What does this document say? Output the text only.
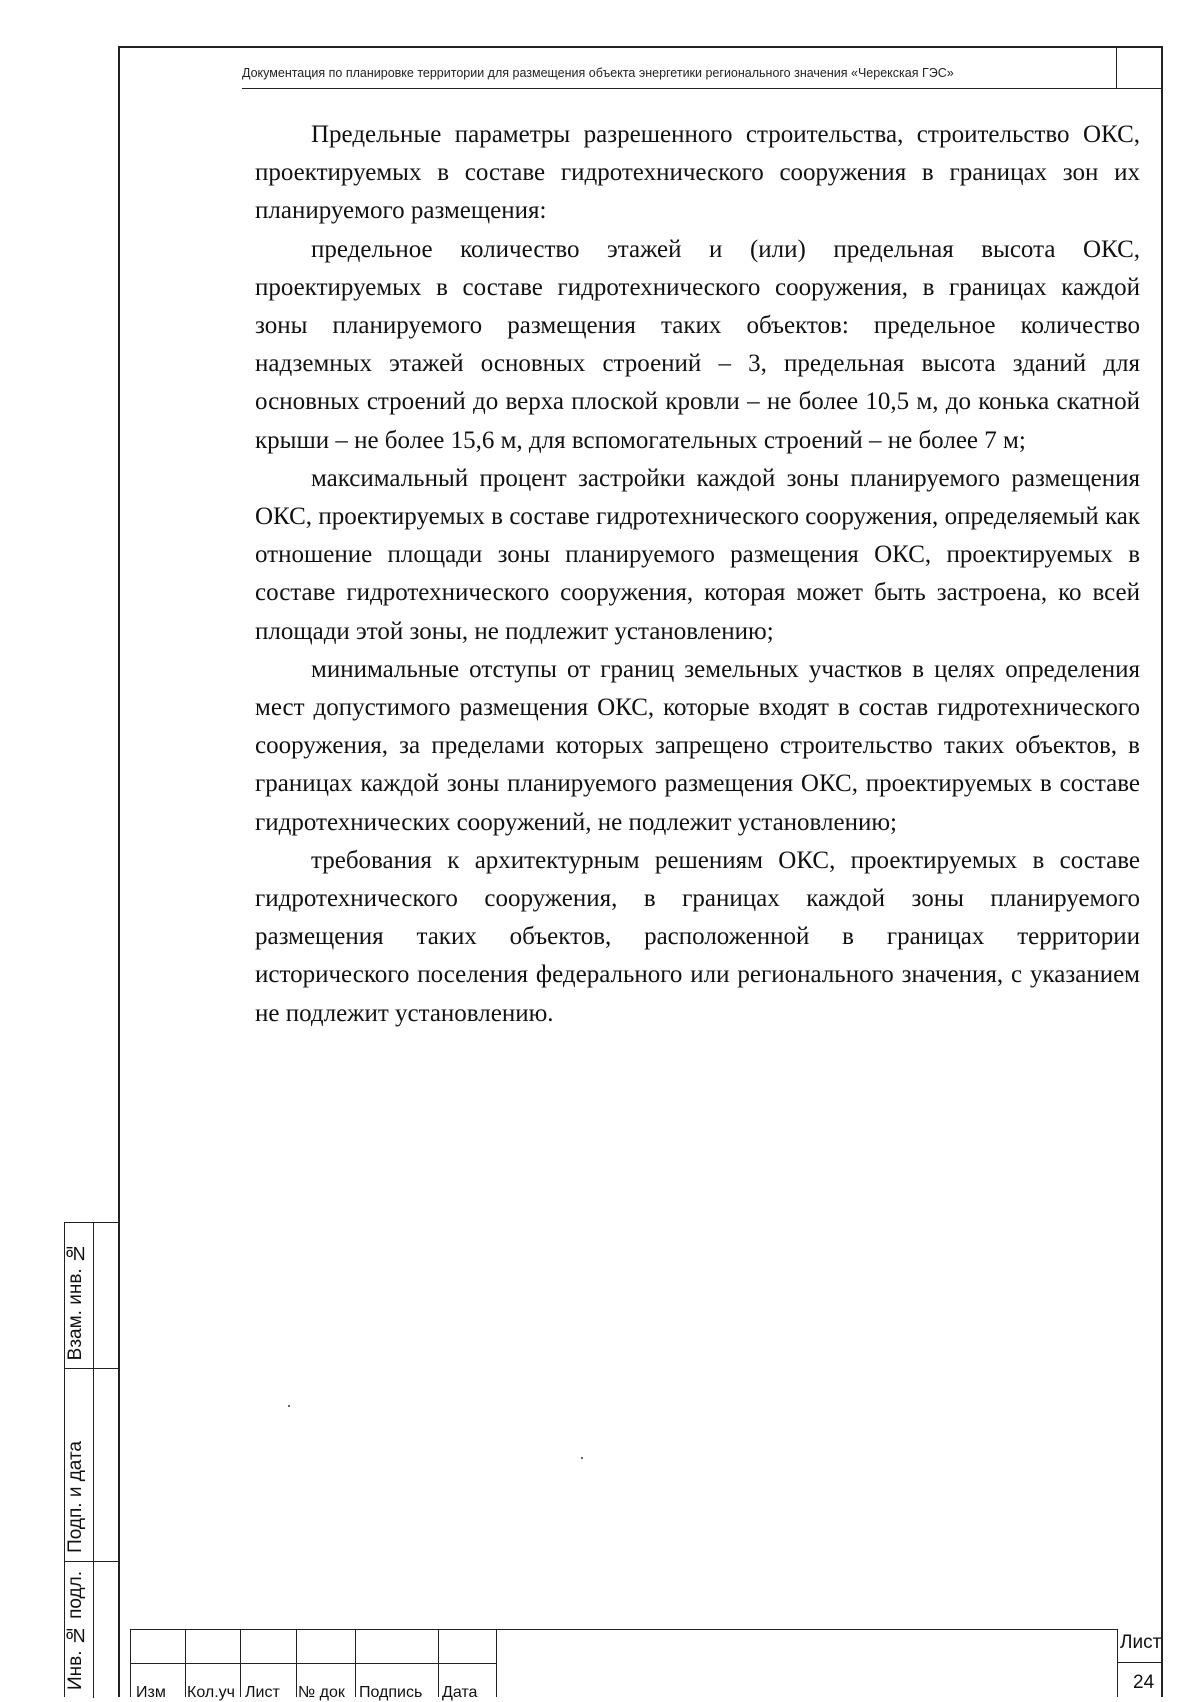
Документация по планировке территории для размещения объекта энергетики регионального значения «Черекская ГЭС»

Предельные параметры разрешенного строительства, строительство ОКС, проектируемых в составе гидротехнического сооружения в границах зон их планируемого размещения:

предельное количество этажей и (или) предельная высота ОКС, проектируемых в составе гидротехнического сооружения, в границах каждой зоны планируемого размещения таких объектов: предельное количество надземных этажей основных строений – 3, предельная высота зданий для основных строений до верха плоской кровли – не более 10,5 м, до конька скатной крыши – не более 15,6 м, для вспомогательных строений – не более 7 м;

максимальный процент застройки каждой зоны планируемого размещения ОКС, проектируемых в составе гидротехнического сооружения, определяемый как отношение площади зоны планируемого размещения ОКС, проектируемых в составе гидротехнического сооружения, которая может быть застроена, ко всей площади этой зоны, не подлежит установлению;

минимальные отступы от границ земельных участков в целях определения мест допустимого размещения ОКС, которые входят в состав гидротехнического сооружения, за пределами которых запрещено строительство таких объектов, в границах каждой зоны планируемого размещения ОКС, проектируемых в составе гидротехнических сооружений, не подлежит установлению;

требования к архитектурным решениям ОКС, проектируемых в составе гидротехнического сооружения, в границах каждой зоны планируемого размещения таких объектов, расположенной в границах территории исторического поселения федерального или регионального значения, с указанием не подлежит установлению.

Взам. инв. №
Подп. и дата
Инв. № подл.
Изм	Кол.уч Лист	№ док Подпись	Дата
Лист
24
